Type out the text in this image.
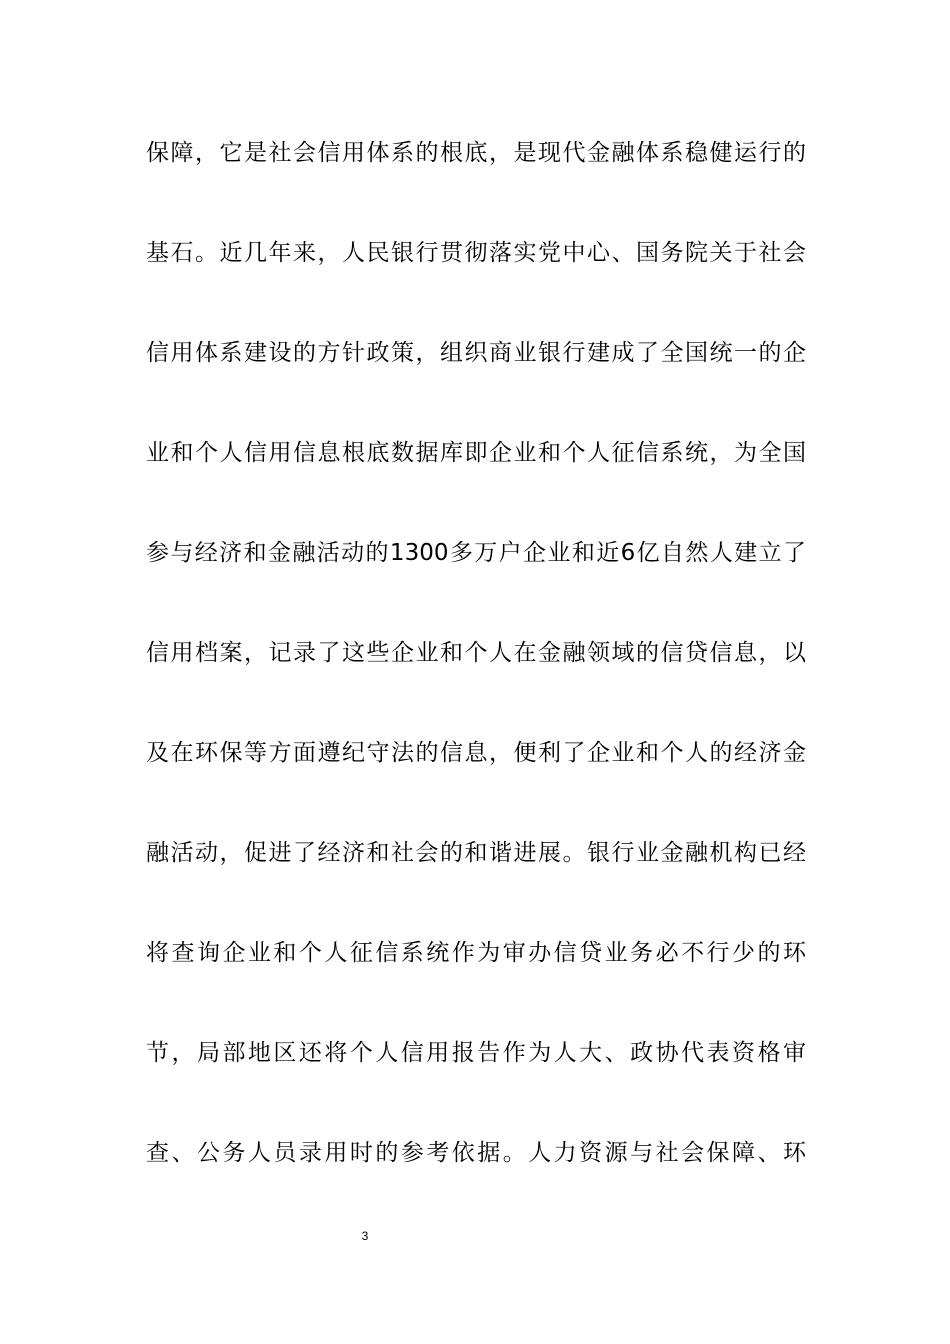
保障，它是社会信用体系的根底，是现代金融体系稳健运行的
基石。近几年来，人民银行贯彻落实党中心、国务院关于社会
信用体系建设的方针政策，组织商业银行建成了全国统一的企
业和个人信用信息根底数据库即企业和个人征信系统，为全国
参与经济和金融活动的1300多万户企业和近6亿自然人建立了
信用档案，记录了这些企业和个人在金融领域的信贷信息，以
及在环保等方面遵纪守法的信息，便利了企业和个人的经济金
融活动，促进了经济和社会的和谐进展。银行业金融机构已经
将查询企业和个人征信系统作为审办信贷业务必不行少的环
节，局部地区还将个人信用报告作为人大、政协代表资格审
查、公务人员录用时的参考依据。人力资源与社会保障、环
3
